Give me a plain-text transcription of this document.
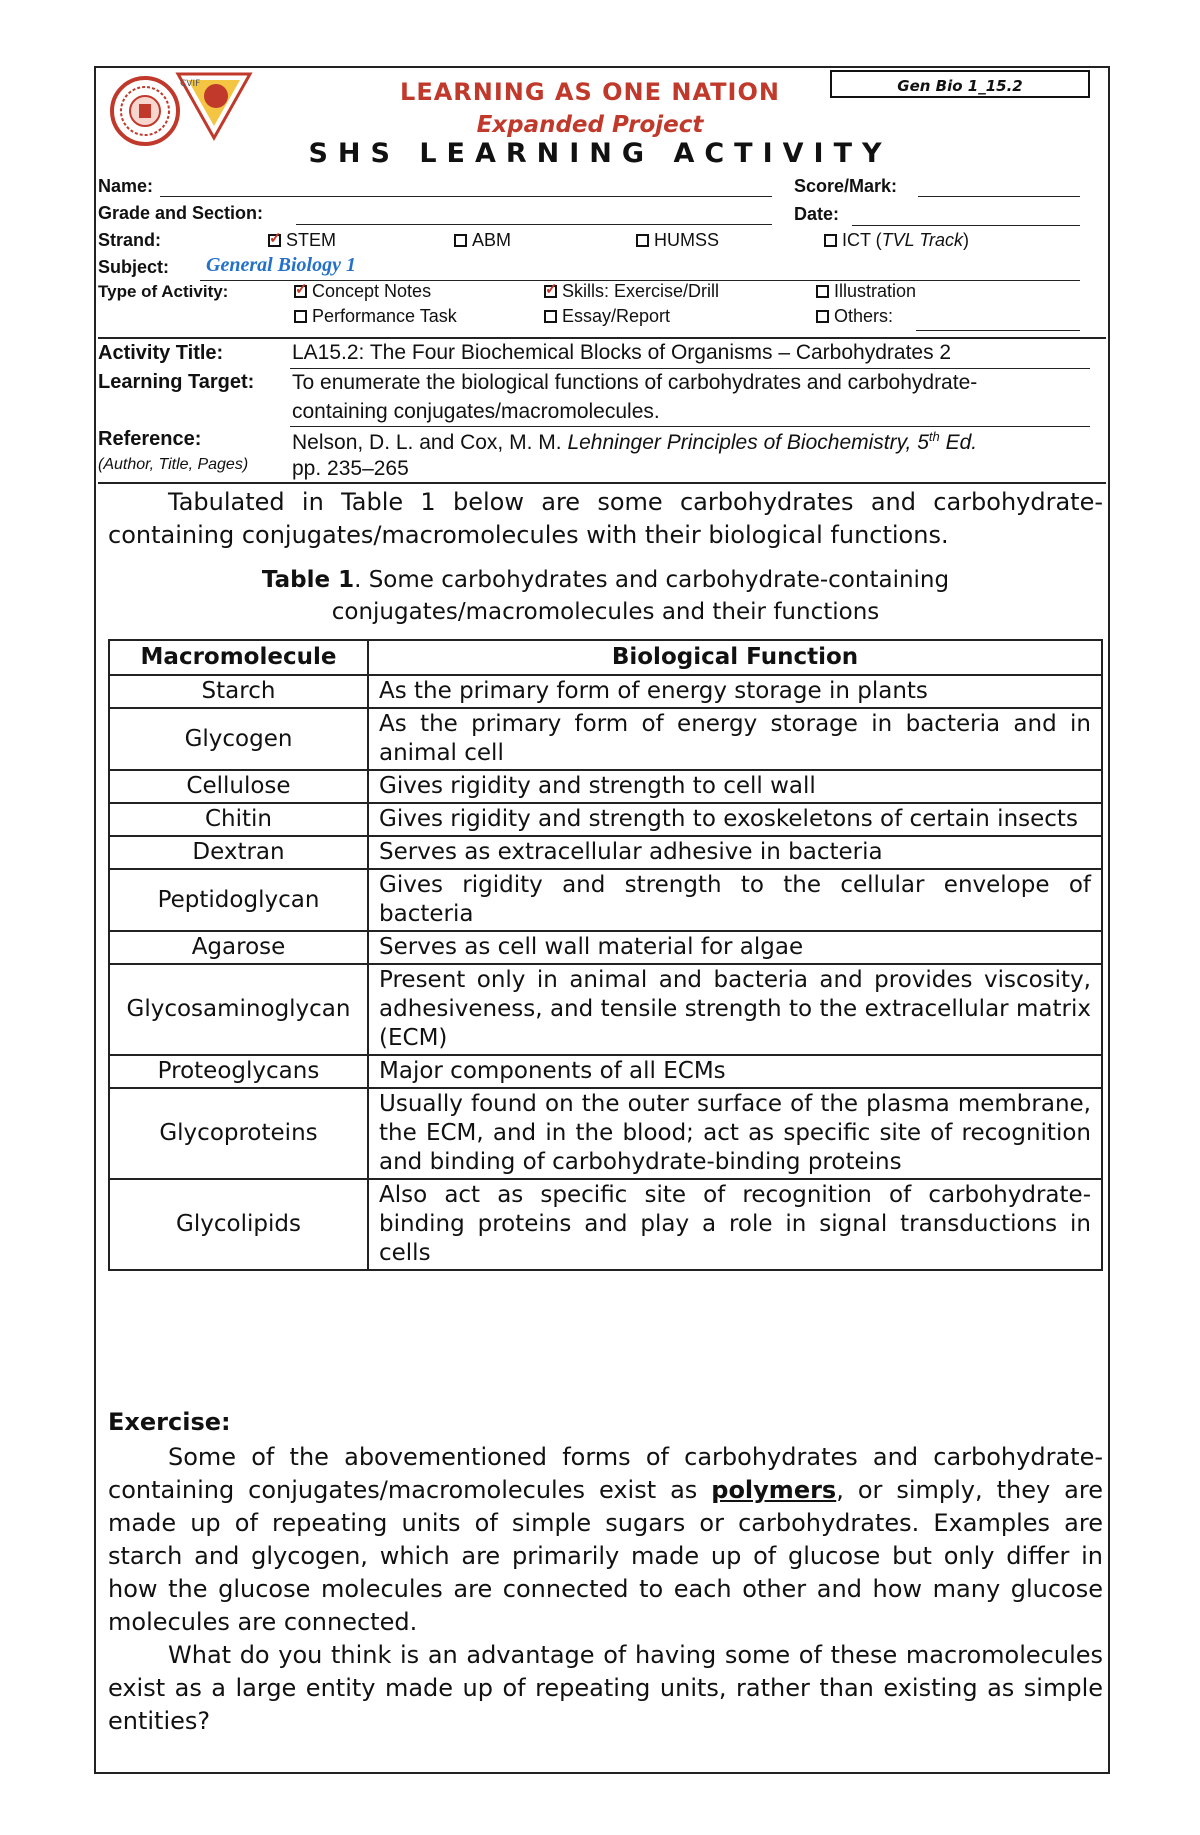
CVIF	LEARNING AS ONE NATION
Expanded Project
SHS LEARNING ACTIVITY
Gen Bio 1_15.2
Name:	Score/Mark:
Grade and Section:	Date:
Strand: ✓	STEM	ABM	HUMSS	ICT (TVL Track)
Subject: General Biology 1
Type of Activity: ✓	Concept Notes ✓	Skills: Exercise/Drill	Illustration
Performance Task	Essay/Report	Others:
Activity Title:	LA15.2: The Four Biochemical Blocks of Organisms – Carbohydrates 2
Learning Target: To enumerate the biological functions of carbohydrates and carbohydrate-
containing conjugates/macromolecules.
Reference:
(Author, Title, Pages)
Nelson, D. L. and Cox, M. M. Lehninger Principles of Biochemistry, 5th Ed.
pp. 235–265
Tabulated in Table 1 below are some carbohydrates and carbohydrate-containing conjugates/macromolecules with their biological functions.
Table 1. Some carbohydrates and carbohydrate-containing
conjugates/macromolecules and their functions
Macromolecule	Biological Function
Starch	As the primary form of energy storage in plants
Glycogen	As the primary form of energy storage in bacteria and in animal cell
Cellulose	Gives rigidity and strength to cell wall
Chitin	Gives rigidity and strength to exoskeletons of certain insects
Dextran	Serves as extracellular adhesive in bacteria
Peptidoglycan	Gives rigidity and strength to the cellular envelope of bacteria
Agarose	Serves as cell wall material for algae
Glycosaminoglycan	Present only in animal and bacteria and provides viscosity, adhesiveness, and tensile strength to the extracellular matrix (ECM)
Proteoglycans	Major components of all ECMs
Glycoproteins	Usually found on the outer surface of the plasma membrane, the ECM, and in the blood; act as specific site of recognition and binding of carbohydrate-binding proteins
Glycolipids	Also act as specific site of recognition of carbohydrate-binding proteins and play a role in signal transductions in cells
Exercise:
Some of the abovementioned forms of carbohydrates and carbohydrate-containing conjugates/macromolecules exist as polymers, or simply, they are made up of repeating units of simple sugars or carbohydrates. Examples are starch and glycogen, which are primarily made up of glucose but only differ in how the glucose molecules are connected to each other and how many glucose molecules are connected.
What do you think is an advantage of having some of these macromolecules exist as a large entity made up of repeating units, rather than existing as simple entities?
